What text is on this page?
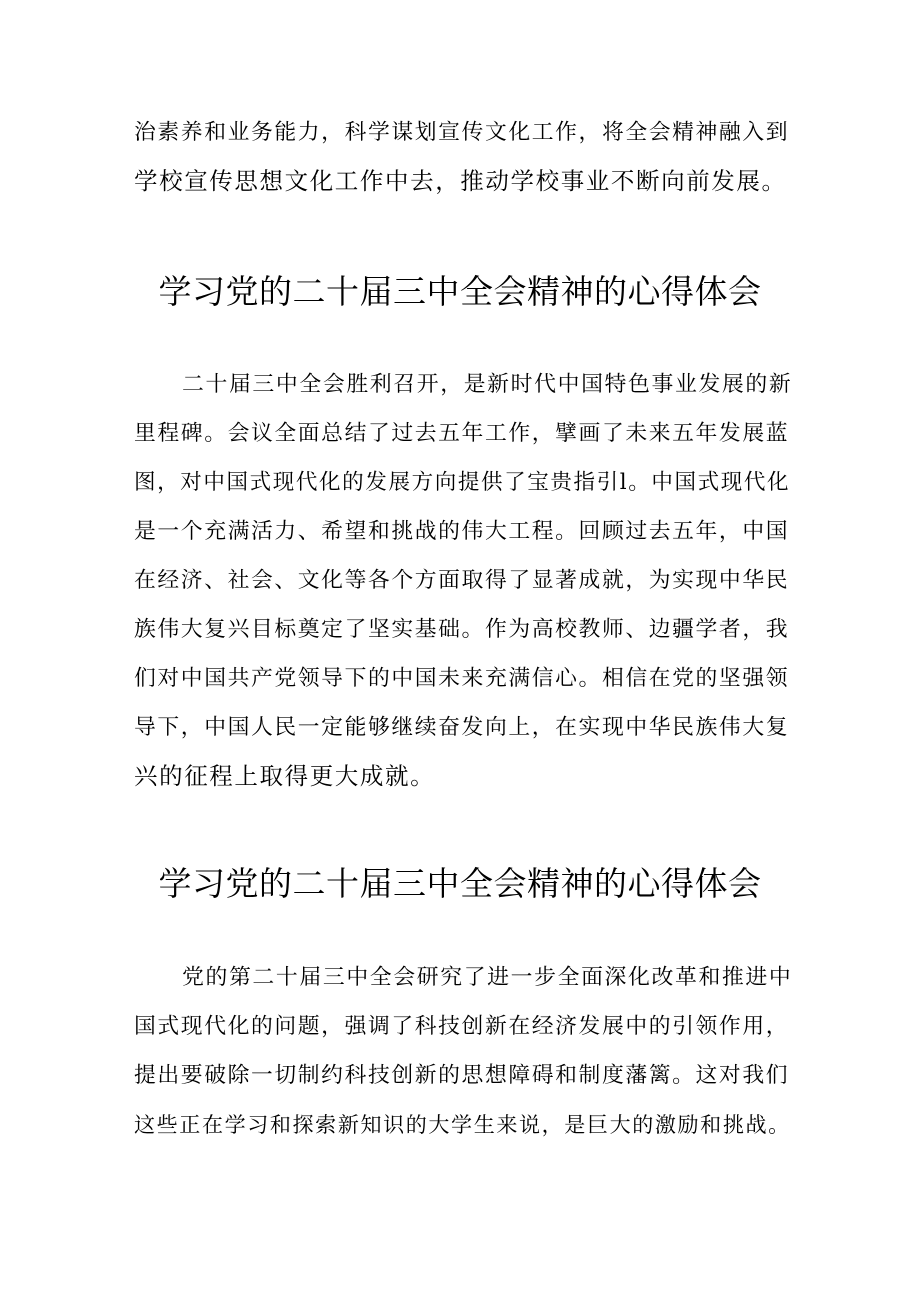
治素养和业务能力，科学谋划宣传文化工作，将全会精神融入到
学校宣传思想文化工作中去，推动学校事业不断向前发展。

学习党的二十届三中全会精神的心得体会

二十届三中全会胜利召开，是新时代中国特色事业发展的新
里程碑。会议全面总结了过去五年工作，擘画了未来五年发展蓝
图，对中国式现代化的发展方向提供了宝贵指引l。中国式现代化
是一个充满活力、希望和挑战的伟大工程。回顾过去五年，中国
在经济、社会、文化等各个方面取得了显著成就，为实现中华民
族伟大复兴目标奠定了坚实基础。作为高校教师、边疆学者，我
们对中国共产党领导下的中国未来充满信心。相信在党的坚强领
导下，中国人民一定能够继续奋发向上，在实现中华民族伟大复
兴的征程上取得更大成就。

学习党的二十届三中全会精神的心得体会

党的第二十届三中全会研究了进一步全面深化改革和推进中
国式现代化的问题，强调了科技创新在经济发展中的引领作用，
提出要破除一切制约科技创新的思想障碍和制度藩篱。这对我们
这些正在学习和探索新知识的大学生来说，是巨大的激励和挑战。
